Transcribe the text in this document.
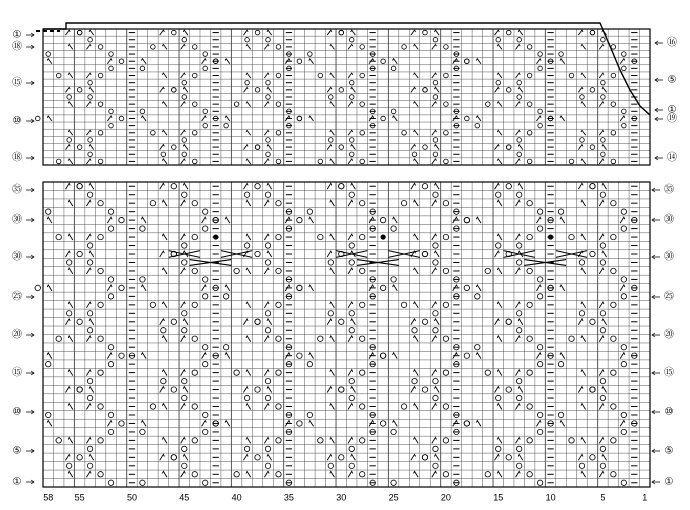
①
⑱
⑮
⑩
⑱
⑯
⑤
①
⑲
⑭
㉟	㉟
㉚	㉚
㉕	㉕
⑳	⑳
⑮	⑮
⑩	⑩
⑤	⑤
①	①
㉚	㉚
58 55	50	45	40	35	30	25	20	15	10	5	1
